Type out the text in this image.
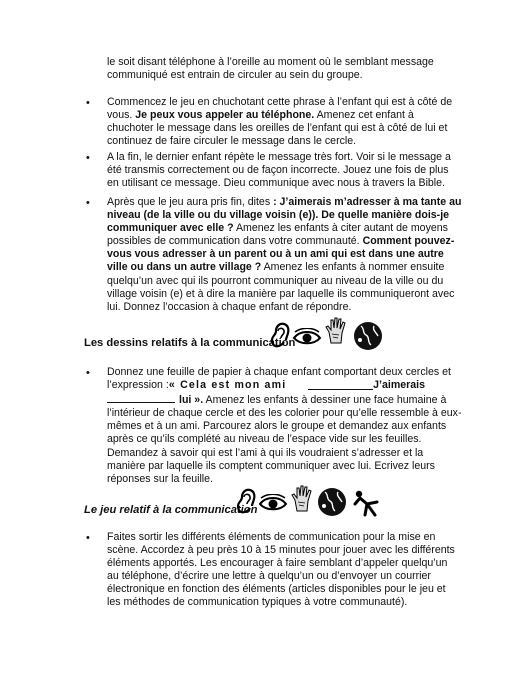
le soit disant téléphone à l’oreille au moment où le semblant message
communiqué est entrain de circuler au sein du groupe.
• Commencez le jeu en chuchotant cette phrase à l’enfant qui est à côté de
vous. Je peux vous appeler au téléphone. Amenez cet enfant à
chuchoter le message dans les oreilles de l’enfant qui est à côté de lui et
continuez de faire circuler le message dans le cercle.
• A la fin, le dernier enfant répète le message très fort. Voir si le message a
été transmis correctement ou de façon incorrecte. Jouez une fois de plus
en utilisant ce message. Dieu communique avec nous à travers la Bible.
• Après que le jeu aura pris fin, dites : J’aimerais m’adresser à ma tante au
niveau (de la ville ou du village voisin (e)). De quelle manière dois-je
communiquer avec elle ? Amenez les enfants à citer autant de moyens
possibles de communication dans votre communauté. Comment pouvez-
vous vous adresser à un parent ou à un ami qui est dans une autre
ville ou dans un autre village ? Amenez les enfants à nommer ensuite
quelqu’un avec qui ils pourront communiquer au niveau de la ville ou du
village voisin (e) et à dire la manière par laquelle ils communiqueront avec
lui. Donnez l’occasion à chaque enfant de répondre.
Les dessins relatifs à la communication
• Donnez une feuille de papier à chaque enfant comportant deux cercles et
l’expression : « Cela est mon ami	J’aimerais
lui ». Amenez les enfants à dessiner une face humaine à
l’intérieur de chaque cercle et des les colorier pour qu’elle ressemble à eux-
mêmes et à un ami. Parcourez alors le groupe et demandez aux enfants
après ce qu’ils complété au niveau de l’espace vide sur les feuilles.
Demandez à savoir qui est l’ami à qui ils voudraient s’adresser et la
manière par laquelle ils comptent communiquer avec lui. Ecrivez leurs
réponses sur la feuille.
Le jeu relatif à la communication
• Faites sortir les différents éléments de communication pour la mise en
scène. Accordez à peu près 10 à 15 minutes pour jouer avec les différents
éléments apportés. Les encourager à faire semblant d’appeler quelqu’un
au téléphone, d’écrire une lettre à quelqu’un ou d’envoyer un courrier
électronique en fonction des éléments (articles disponibles pour le jeu et
les méthodes de communication typiques à votre communauté).
